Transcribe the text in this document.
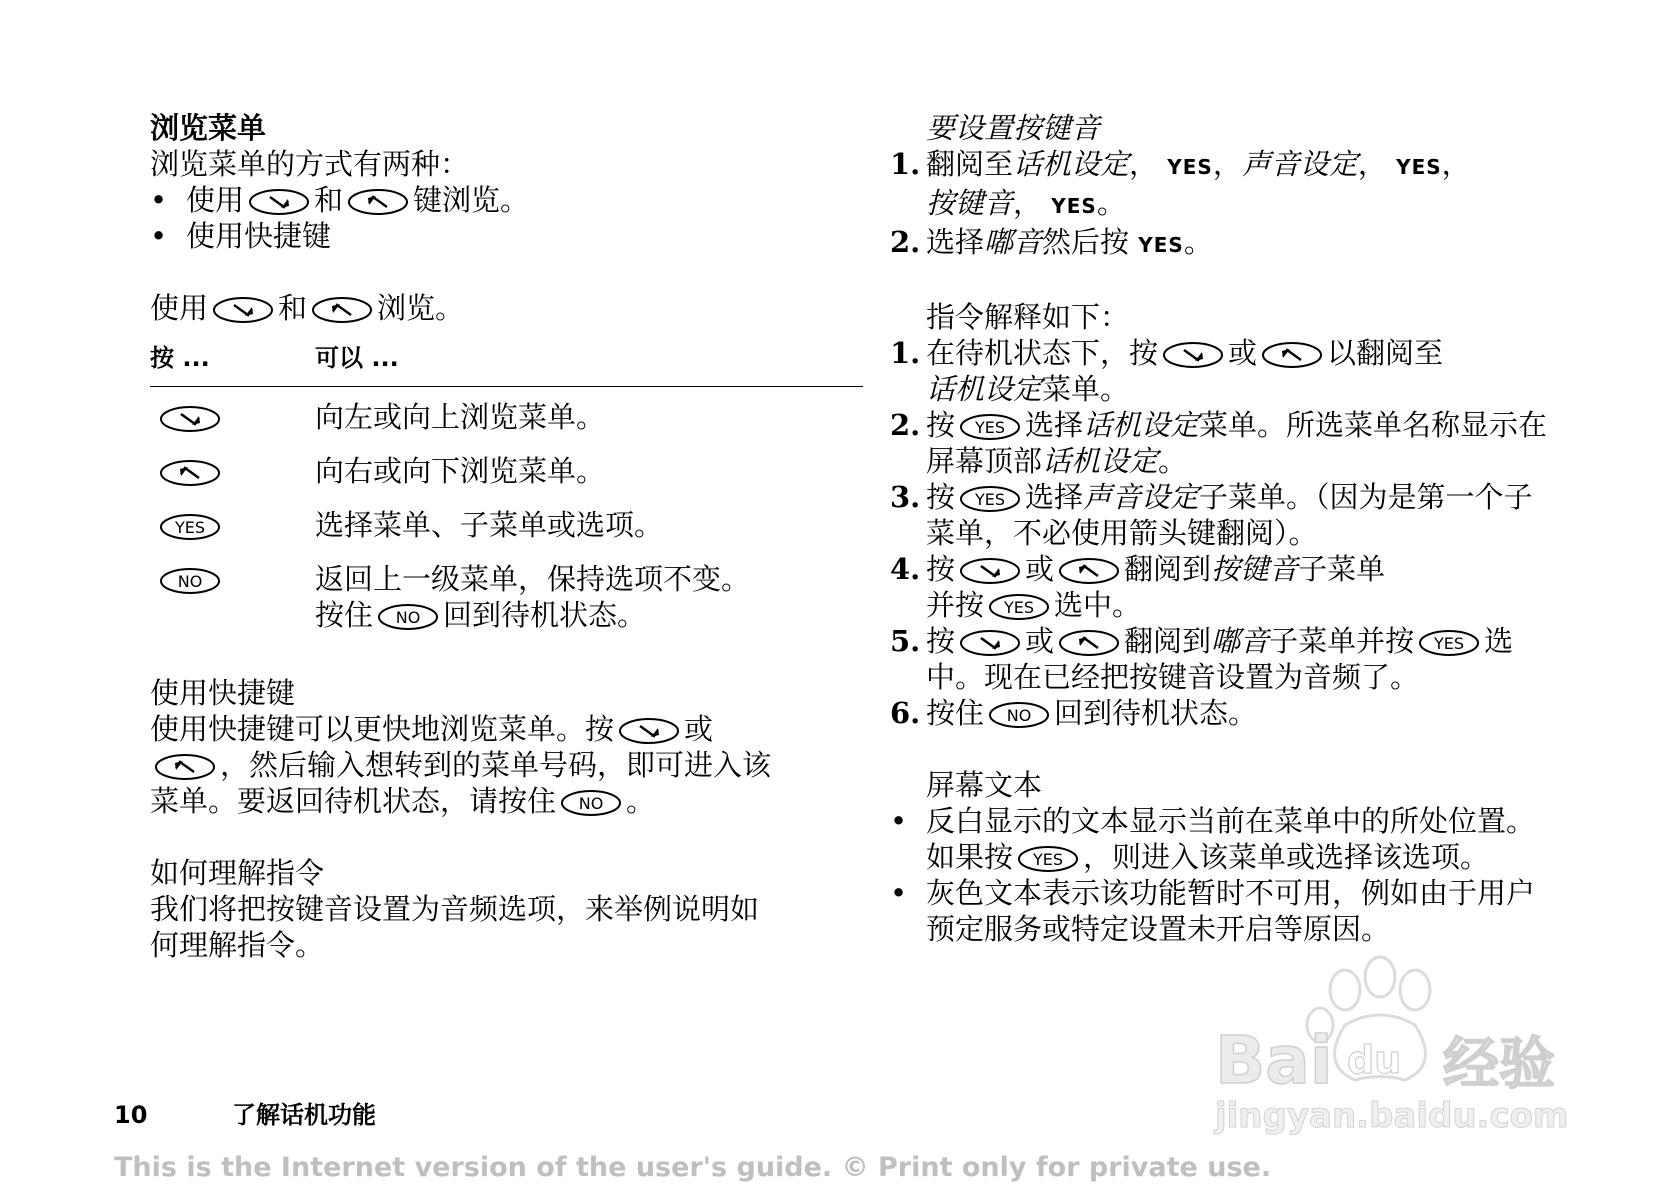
浏览菜单
浏览菜单的方式有两种：
• 使用 和 键浏览。
• 使用快捷键
使用 和 浏览。
按 ...	可以 ...

	向左或向上浏览菜单。

	向右或向下浏览菜单。

YES	选择菜单、子菜单或选项。

NO	返回上一级菜单，保持选项不变。
按住 NO 回到待机状态。
使用快捷键
使用快捷键可以更快地浏览菜单。按 或

，然后输入想转到的菜单号码，即可进入该
菜单。要返回待机状态，请按住 NO 。
如何理解指令
我们将把按键音设置为音频选项，来举例说明如
何理解指令。
要设置按键音
1. 翻阅至话机设定， YES，声音设定， YES，
按键音， YES。
2. 选择嘟音然后按 YES。
指令解释如下：
1. 在待机状态下，按 或 以翻阅至
话机设定菜单。
2. 按 YES 选择话机设定菜单。所选菜单名称显示在
屏幕顶部话机设定。
3. 按 YES 选择声音设定子菜单。（因为是第一个子
菜单，不必使用箭头键翻阅）。
4. 按 或 翻阅到按键音子菜单
并按 YES 选中。
5. 按 或 翻阅到嘟音子菜单并按 YES 选
中。现在已经把按键音设置为音频了。
6. 按住 NO 回到待机状态。
屏幕文本
• 反白显示的文本显示当前在菜单中的所处位置。
如果按 YES ，则进入该菜单或选择该选项。
• 灰色文本表示该功能暂时不可用，例如由于用户
预定服务或特定设置未开启等原因。
Bai du 经验
jingyan.baidu.com
10	了解话机功能
This is the Internet version of the user's guide. © Print only for private use.
